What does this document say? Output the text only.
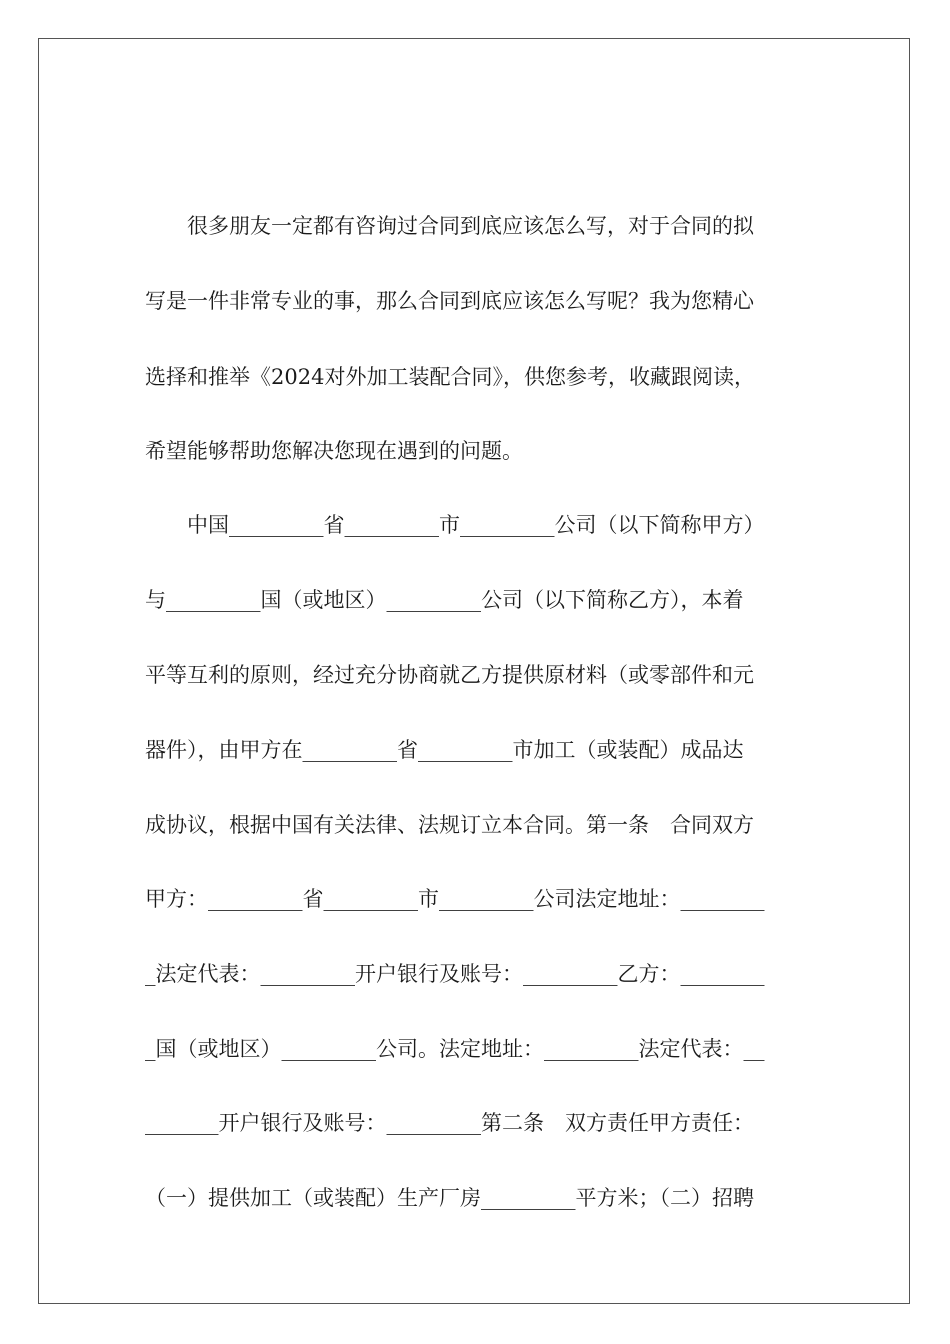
　　很多朋友一定都有咨询过合同到底应该怎么写，对于合同的拟
写是一件非常专业的事，那么合同到底应该怎么写呢？我为您精心
选择和推举《2024对外加工装配合同》，供您参考，收藏跟阅读，
希望能够帮助您解决您现在遇到的问题。
　　中国_________省_________市_________公司（以下简称甲方）
与_________国（或地区）_________公司（以下简称乙方），本着
平等互利的原则，经过充分协商就乙方提供原材料（或零部件和元
器件），由甲方在_________省_________市加工（或装配）成品达
成协议，根据中国有关法律、法规订立本合同。第一条　合同双方
甲方：_________省_________市_________公司法定地址：________
_法定代表：_________开户银行及账号：_________乙方：________
_国（或地区）_________公司。法定地址：_________法定代表：__
_______开户银行及账号：_________第二条　双方责任甲方责任：
（一）提供加工（或装配）生产厂房_________平方米；（二）招聘
